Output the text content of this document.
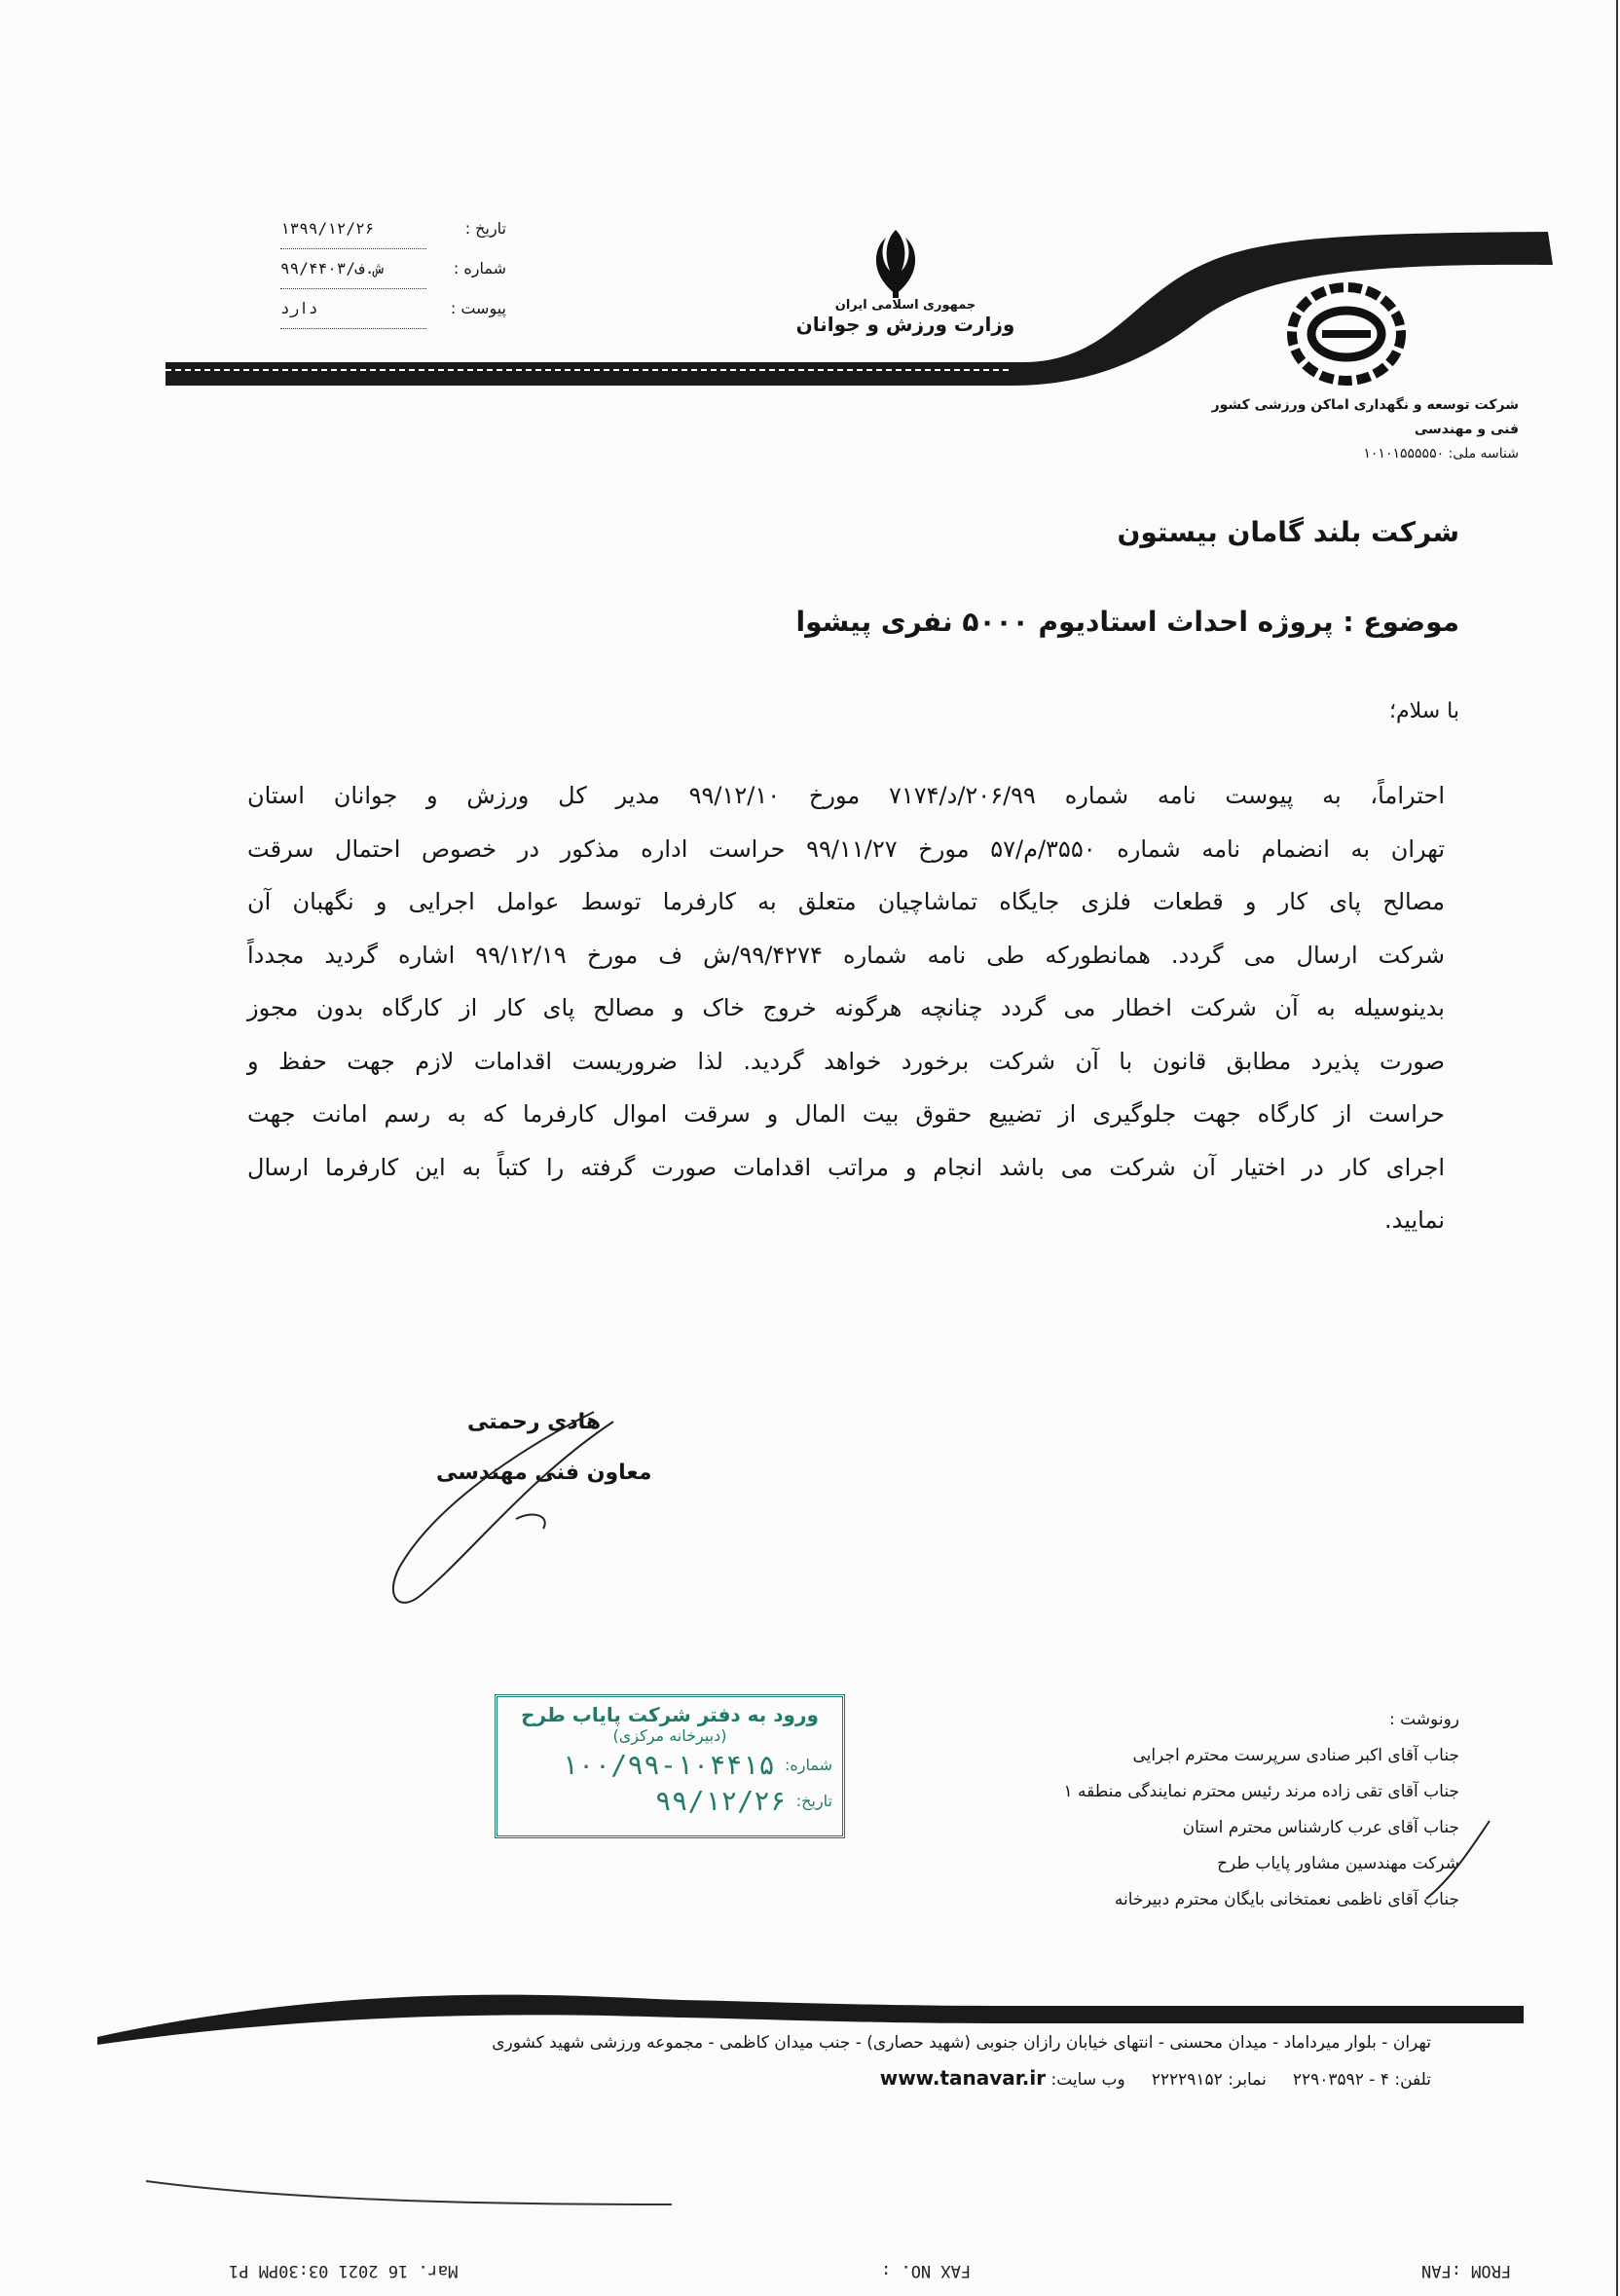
تاریخ :
۱۳۹۹/۱۲/۲۶
شماره :
۹۹/۴۴۰۳/ش.ف
پیوست :
دارد	جمهوری اسلامی ایران
وزارت ورزش و جوانان
شرکت توسعه و نگهداری اماکن ورزشی کشور
فنی و مهندسی
شناسه ملی: ۱۰۱۰۱۵۵۵۵۵۰
شرکت بلند گامان بیستون
موضوع : پروژه احداث استادیوم ۵۰۰۰ نفری پیشوا
با سلام؛
احتراماً، به پیوست نامه شماره ۲۰۶/۹۹/د/۷۱۷۴ مورخ ۹۹/۱۲/۱۰ مدیر کل ورزش و جوانان استان
تهران به انضمام نامه شماره ۳۵۵۰/م/۵۷ مورخ ۹۹/۱۱/۲۷ حراست اداره مذکور در خصوص احتمال سرقت
مصالح پای کار و قطعات فلزی جایگاه تماشاچیان متعلق به کارفرما توسط عوامل اجرایی و نگهبان آن
شرکت ارسال می گردد. همانطورکه طی نامه شماره ۹۹/۴۲۷۴/ش ف مورخ ۹۹/۱۲/۱۹ اشاره گردید مجدداً
بدینوسیله به آن شرکت اخطار می گردد چنانچه هرگونه خروج خاک و مصالح پای کار از کارگاه بدون مجوز
صورت پذیرد مطابق قانون با آن شرکت برخورد خواهد گردید. لذا ضروریست اقدامات لازم جهت حفظ و
حراست از کارگاه جهت جلوگیری از تضییع حقوق بیت المال و سرقت اموال کارفرما که به رسم امانت جهت
اجرای کار در اختیار آن شرکت می باشد انجام و مراتب اقدامات صورت گرفته را کتباً به این کارفرما ارسال
نمایید.
هادی رحمتی
معاون فنی مهندسی
ورود به دفتر شرکت پایاب طرح
(دبیرخانه مرکزی)
شماره:
۱۰۰/۹۹-۱۰۴۴۱۵
تاریخ:
۹۹/۱۲/۲۶
رونوشت :
جناب آقای اکبر صنادی سرپرست محترم اجرایی
جناب آقای تقی زاده مرند رئیس محترم نمایندگی منطقه ۱
جناب آقای عرب کارشناس محترم استان
شرکت مهندسین مشاور پایاب طرح
جناب آقای ناظمی نعمتخانی بایگان محترم دبیرخانه
تهران - بلوار میرداماد - میدان محسنی - انتهای خیابان رازان جنوبی (شهید حصاری) - جنب میدان کاظمی - مجموعه ورزشی شهید کشوری
تلفن: ۴ - ۲۲۹۰۳۵۹۲     نمابر: ۲۲۲۲۹۱۵۲     وب سایت: www.tanavar.ir
FROM :FAN
FAX NO. :
Mar. 16 2021 03:30PM P1
